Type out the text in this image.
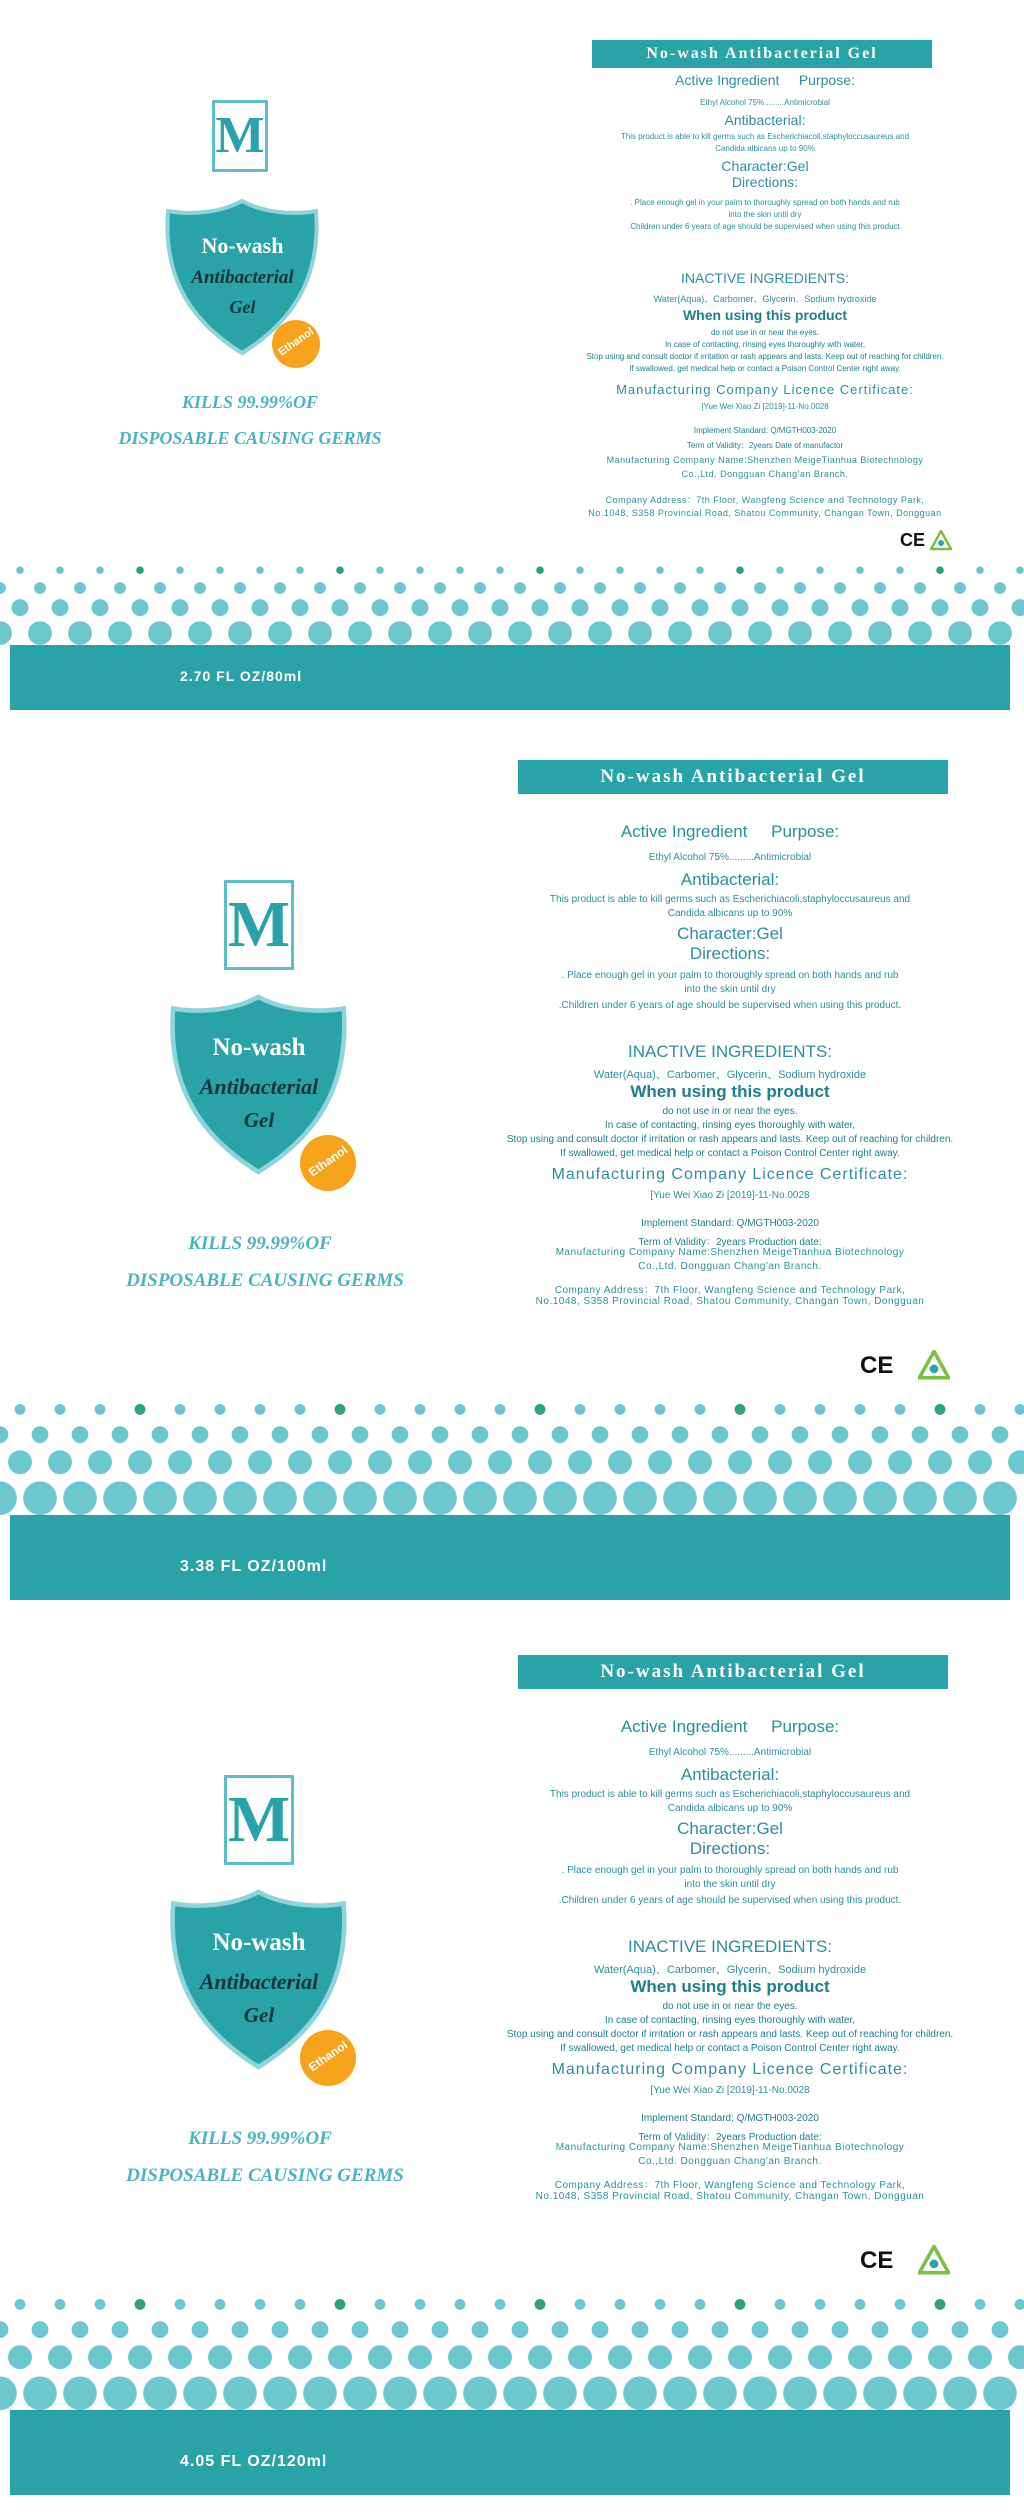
No-wash Antibacterial Gel
M
No-wash
Antibacterial
Gel
Ethanol
KILLS 99.99%OF
DISPOSABLE CAUSING GERMS
Active Ingredient Purpose:
Ethyl Alcohol 75%.........Antimicrobial
Antibacterial:
This product is able to kill germs such as Escherichiacoli,staphyloccusaureus and
Candida albicans up to 90%
Character:Gel
Directions:
. Place enough gel in your palm to thoroughly spread on both hands and rub
into the skin until dry
.Children under 6 years of age should be supervised when using this product.
INACTIVE INGREDIENTS:
Water(Aqua)、Carbomer、Glycerin、Sodium hydroxide
When using this product
do not use in or near the eyes.
In case of contacting, rinsing eyes thoroughly with water,
Stop using and consult doctor if irritation or rash appears and lasts. Keep out of reaching for children.
If swallowed, get medical help or contact a Poison Control Center right away.
Manufacturing Company Licence Certificate:
[Yue Wei Xiao Zi [2019]-11-No.0028
Implement Standard: Q/MGTH003-2020
Term of Validity：2years Date of manufactor
Manufacturing Company Name:Shenzhen MeigeTianhua Biotechnology
Co.,Ltd. Dongguan Chang'an Branch.
Company Address：7th Floor, Wangfeng Science and Technology Park,
No.1048, S358 Provincial Road, Shatou Community, Changan Town, Dongguan
CE
2.70 FL OZ/80ml
No-wash Antibacterial Gel
M
No-wash
Antibacterial
Gel
Ethanol
KILLS 99.99%OF
DISPOSABLE CAUSING GERMS
Active Ingredient Purpose:
Ethyl Alcohol 75%.........Antimicrobial
Antibacterial:
This product is able to kill germs such as Escherichiacoli,staphyloccusaureus and
Candida albicans up to 90%
Character:Gel
Directions:
. Place enough gel in your palm to thoroughly spread on both hands and rub
into the skin until dry
.Children under 6 years of age should be supervised when using this product.
INACTIVE INGREDIENTS:
Water(Aqua)、Carbomer、Glycerin、Sodium hydroxide
When using this product
do not use in or near the eyes.
In case of contacting, rinsing eyes thoroughly with water,
Stop using and consult doctor if irritation or rash appears and lasts. Keep out of reaching for children.
If swallowed, get medical help or contact a Poison Control Center right away.
Manufacturing Company Licence Certificate:
[Yue Wei Xiao Zi [2019]-11-No.0028
Implement Standard: Q/MGTH003-2020
Term of Validity：2years Production date:
Manufacturing Company Name:Shenzhen MeigeTianhua Biotechnology
Co.,Ltd. Dongguan Chang'an Branch.
Company Address：7th Floor, Wangfeng Science and Technology Park,
No.1048, S358 Provincial Road, Shatou Community, Changan Town, Dongguan
CE
3.38 FL OZ/100ml
No-wash Antibacterial Gel
M
No-wash
Antibacterial
Gel
Ethanol
KILLS 99.99%OF
DISPOSABLE CAUSING GERMS
Active Ingredient Purpose:
Ethyl Alcohol 75%.........Antimicrobial
Antibacterial:
This product is able to kill germs such as Escherichiacoli,staphyloccusaureus and
Candida albicans up to 90%
Character:Gel
Directions:
. Place enough gel in your palm to thoroughly spread on both hands and rub
into the skin until dry
.Children under 6 years of age should be supervised when using this product.
INACTIVE INGREDIENTS:
Water(Aqua)、Carbomer、Glycerin、Sodium hydroxide
When using this product
do not use in or near the eyes.
In case of contacting, rinsing eyes thoroughly with water,
Stop using and consult doctor if irritation or rash appears and lasts. Keep out of reaching for children.
If swallowed, get medical help or contact a Poison Control Center right away.
Manufacturing Company Licence Certificate:
[Yue Wei Xiao Zi [2019]-11-No.0028
Implement Standard: Q/MGTH003-2020
Term of Validity：2years Production date:
Manufacturing Company Name:Shenzhen MeigeTianhua Biotechnology
Co.,Ltd. Dongguan Chang'an Branch.
Company Address：7th Floor, Wangfeng Science and Technology Park,
No.1048, S358 Provincial Road, Shatou Community, Changan Town, Dongguan
CE
4.05 FL OZ/120ml
